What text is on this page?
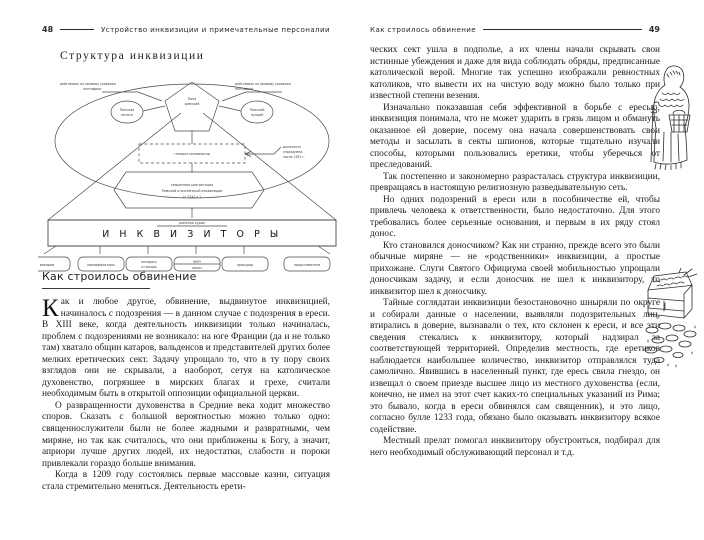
48	Устройство инквизиции и примечательные персоналии
Структура инквизиции
Папа
римский
Папская
печать
Папский
нунций
генерал-инквизитор
священная конгрегация
Римской и вселенской инквизиции
(с 1542 г.)
римская курия
действовал по прямому указанию
понтифика
должность
упразднена
после 1352 г.
действовал по прямому указанию
понтифика
И Н К В И З И Т О Р Ы
викарии	квалификаторы
нотариус
и писарь
врач
палач
прокурор	представители
Как строилось обвинение

Как и любое другое, обвинение, выдвинутое инквизицией, начиналось с подозрения — в данном случае с подозрения в ереси. В XIII веке, когда деятельность инквизиции только начиналась, проблем с подозрениями не возникало: на юге Франции (да и не только там) хватало общин катаров, вальденсов и представителей других более мелких еретических сект. Задачу упрощало то, что в ту пору своих взглядов они не скрывали, а наоборот, сетуя на католическое духовенство, погрязшее в мирских благах и грехе, считали необходимым быть в открытой оппозиции официальной церкви.

О развращенности духовенства в Средние века ходит множество споров. Сказать с большой вероятностью можно только одно: священнослужители были не более жадными и развратными, чем миряне, но так как считалось, что они приближены к Богу, а значит, априори лучше других людей, их недостатки, слабости и пороки привлекали гораздо больше внимания.

Когда в 1209 году состоялись первые массовые казни, ситуация стала стремительно меняться. Деятельность ерети-

Как строилось обвинение	49

ческих сект ушла в подполье, а их члены начали скрывать свои истинные убеждения и даже для вида соблюдать обряды, предписанные католической верой. Многие так успешно изображали ревностных католиков, что вывести их на чистую воду можно было только при известной степени везения.

Изначально показавшая себя эффективной в борьбе с ересью, инквизиция понимала, что не может ударить в грязь лицом и обмануть оказанное ей доверие, посему она начала совершенствовать свои методы и засылать в секты шпионов, которые тщательно изучали способы, которыми пользовались еретики, чтобы уберечься от преследований.

Так постепенно и закономерно разрасталась структура инквизиции, превращаясь в настоящую религиозную разведывательную сеть.

Но одних подозрений в ереси или в пособничестве ей, чтобы привлечь человека к ответственности, было недостаточно. Для этого требовались более серьезные основания, и первым в их ряду стоял донос.

Кто становился доносчиком? Как ни странно, прежде всего это были обычные миряне — не «родственники» инквизиции, а простые прихожане. Слуги Святого Официума своей мобильностью упрощали доносчикам задачу, и если доносчик не шел к инквизитору, то инквизитор шел к доносчику.

Тайные соглядатаи инквизиции безостановочно шныряли по округе и собирали данные о населении, выявляли подозрительных лиц, втирались в доверие, вызнавали о тех, кто склонен к ереси, и все эти сведения стекались к инквизитору, который надзирал за соответствующей территорией. Определив местность, где еретиков наблюдается наибольшее количество, инквизитор отправлялся туда самолично. Явившись в населенный пункт, где ересь свила гнездо, он извещал о своем приезде высшее лицо из местного духовенства (если, конечно, не имел на этот счет каких-то специальных указаний из Рима; это бывало, когда в ереси обвинялся сам священник), и это лицо, согласно булле 1233 года, обязано было оказывать инквизитору всякое содействие.

Местный прелат помогал инквизитору обустроиться, подбирал для него необходимый обслуживающий персонал и т.д.
